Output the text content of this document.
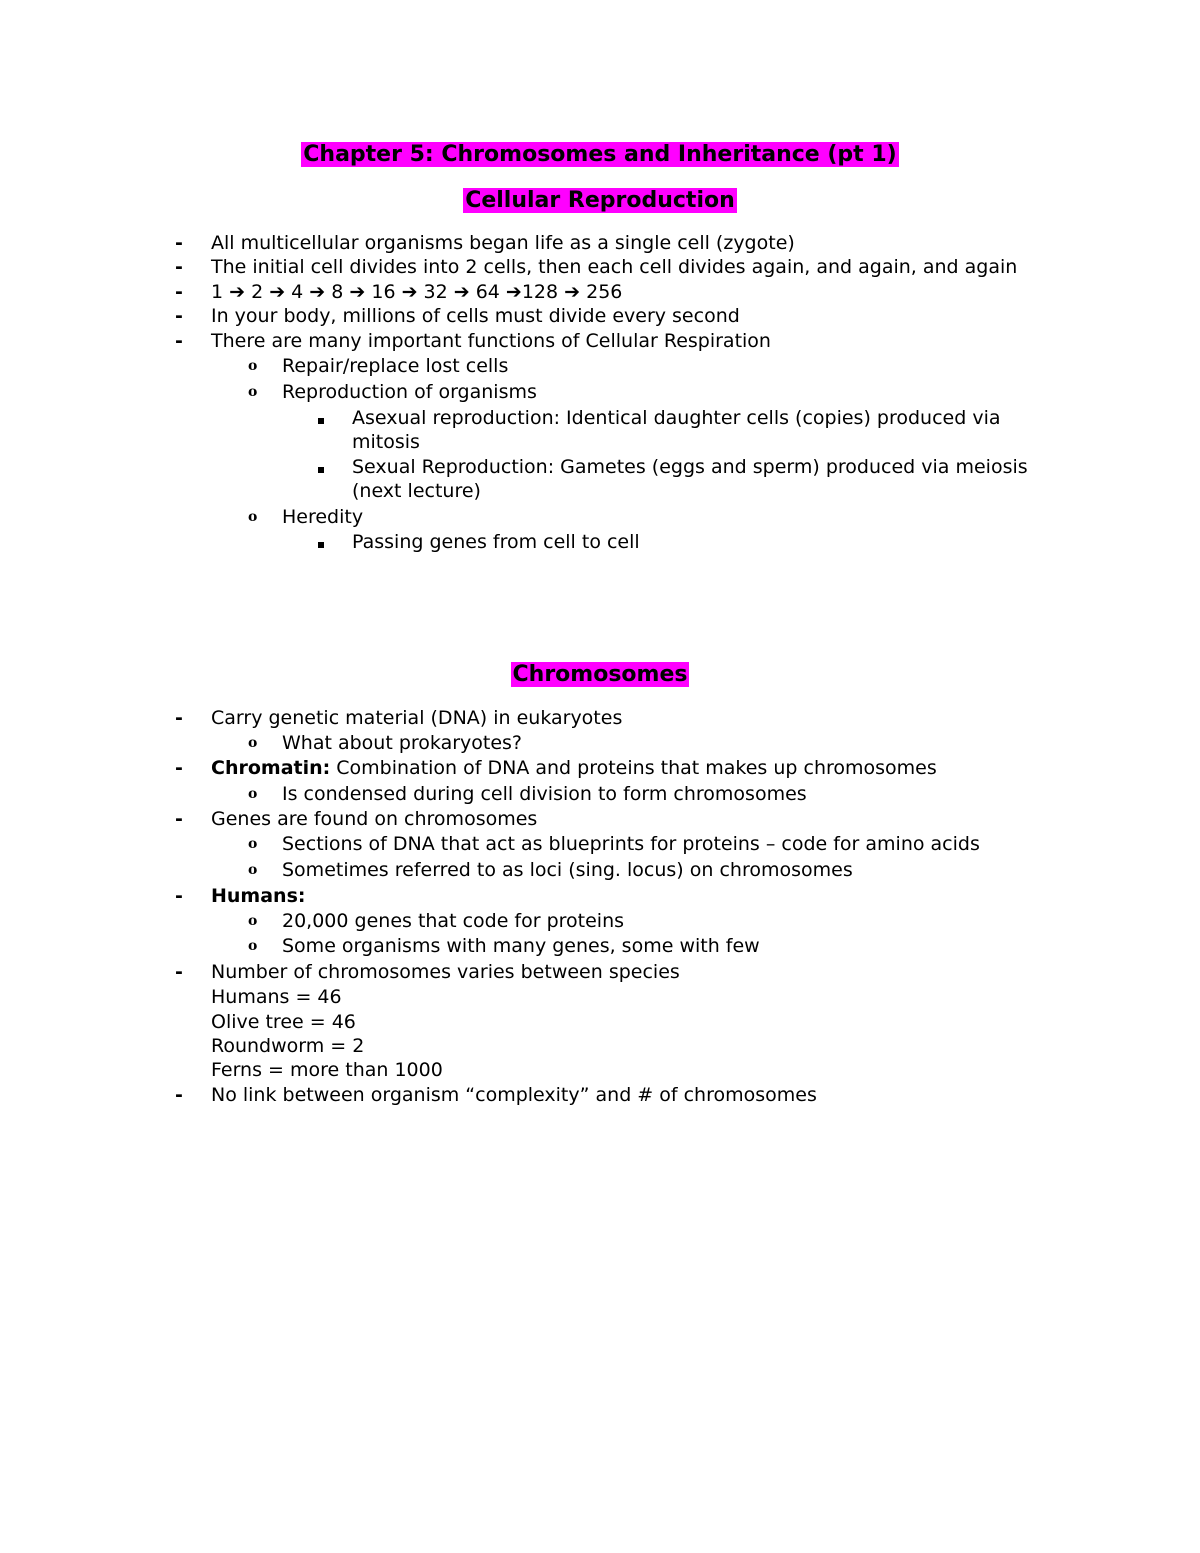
Chapter 5: Chromosomes and Inheritance (pt 1)
Cellular Reproduction
- All multicellular organisms began life as a single cell (zygote)
- The initial cell divides into 2 cells, then each cell divides again, and again, and again
- 1 ➔ 2 ➔ 4 ➔ 8 ➔ 16 ➔ 32 ➔ 64 ➔128 ➔ 256
- In your body, millions of cells must divide every second
- There are many important functions of Cellular Respiration
o Repair/replace lost cells
o Reproduction of organisms
Asexual reproduction: Identical daughter cells (copies) produced via
mitosis
Sexual Reproduction: Gametes (eggs and sperm) produced via meiosis
(next lecture)
o Heredity
Passing genes from cell to cell
Chromosomes
- Carry genetic material (DNA) in eukaryotes
o What about prokaryotes?
- Chromatin: Combination of DNA and proteins that makes up chromosomes
o Is condensed during cell division to form chromosomes
- Genes are found on chromosomes
o Sections of DNA that act as blueprints for proteins – code for amino acids
o Sometimes referred to as loci (sing. locus) on chromosomes
- Humans:
o 20,000 genes that code for proteins
o Some organisms with many genes, some with few
- Number of chromosomes varies between species
Humans = 46
Olive tree = 46
Roundworm = 2
Ferns = more than 1000
- No link between organism “complexity” and # of chromosomes
